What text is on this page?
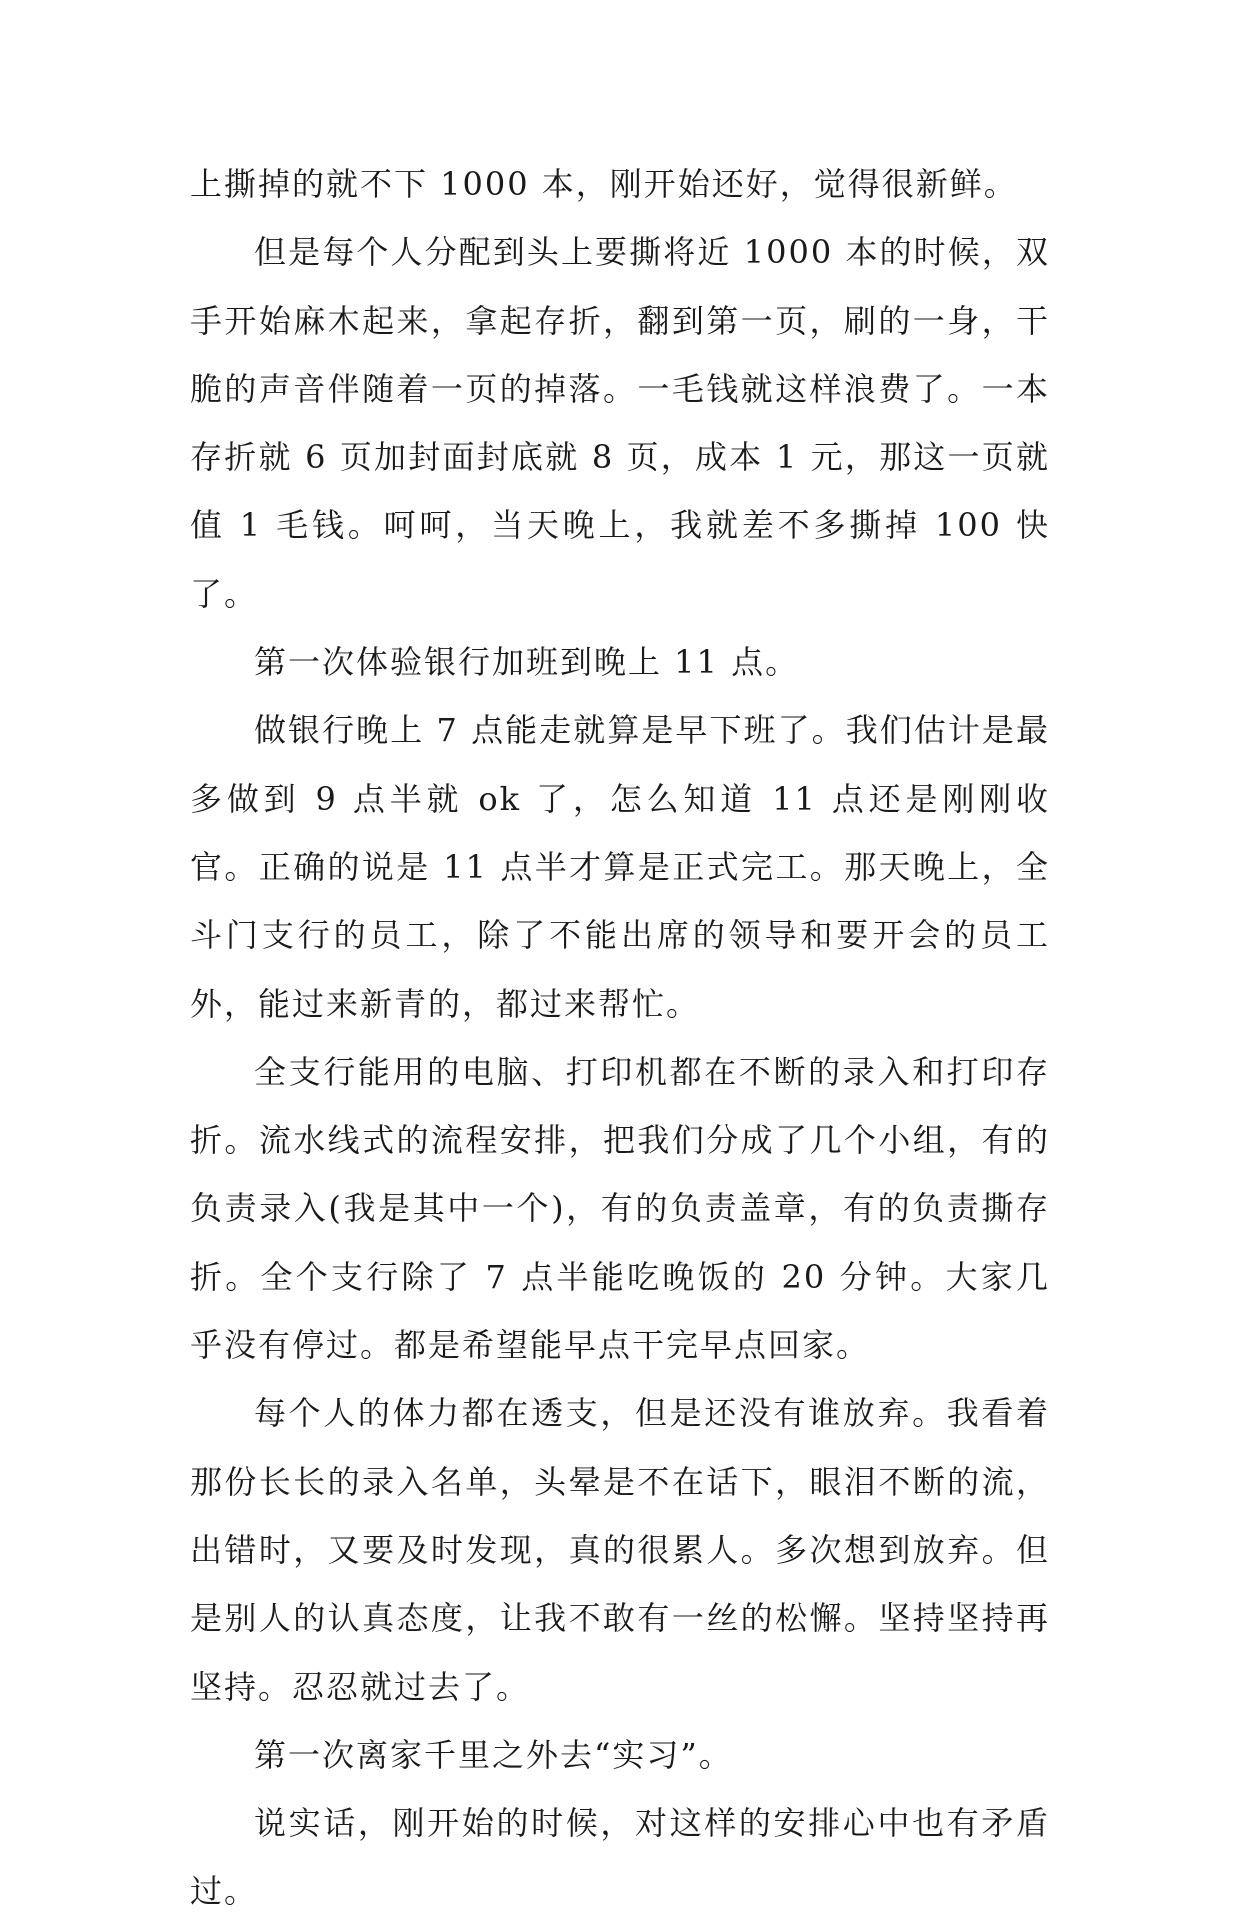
上撕掉的就不下 1000 本，刚开始还好，觉得很新鲜。

但是每个人分配到头上要撕将近 1000 本的时候，双手开始麻木起来，拿起存折，翻到第一页，刷的一身，干脆的声音伴随着一页的掉落。一毛钱就这样浪费了。一本存折就 6 页加封面封底就 8 页，成本 1 元，那这一页就值 1 毛钱。呵呵，当天晚上，我就差不多撕掉 100 快了。

第一次体验银行加班到晚上 11 点。

做银行晚上 7 点能走就算是早下班了。我们估计是最多做到 9 点半就 ok 了，怎么知道 11 点还是刚刚收官。正确的说是 11 点半才算是正式完工。那天晚上，全斗门支行的员工，除了不能出席的领导和要开会的员工外，能过来新青的，都过来帮忙。

全支行能用的电脑、打印机都在不断的录入和打印存折。流水线式的流程安排，把我们分成了几个小组，有的负责录入(我是其中一个)，有的负责盖章，有的负责撕存折。全个支行除了 7 点半能吃晚饭的 20 分钟。大家几乎没有停过。都是希望能早点干完早点回家。

每个人的体力都在透支，但是还没有谁放弃。我看着那份长长的录入名单，头晕是不在话下，眼泪不断的流，出错时，又要及时发现，真的很累人。多次想到放弃。但是别人的认真态度，让我不敢有一丝的松懈。坚持坚持再坚持。忍忍就过去了。

第一次离家千里之外去“实习”。

说实话，刚开始的时候，对这样的安排心中也有矛盾过。
